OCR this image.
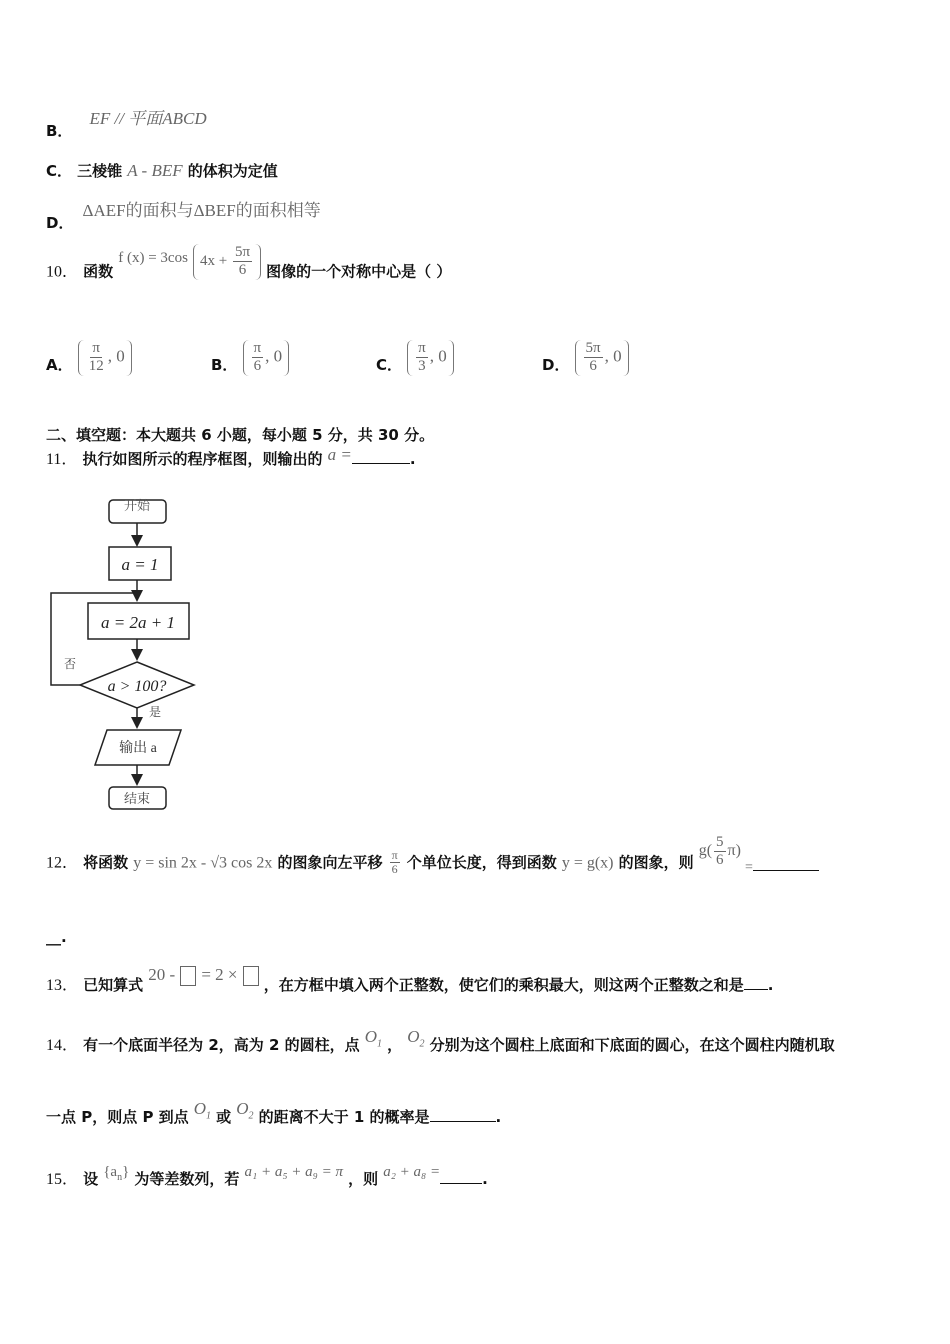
B． EF // 平面ABCD
C． 三棱锥 A - BEF 的体积为定值
D． ΔAEF的面积与ΔBEF的面积相等
10． 函数 f (x) = 3cos $4x + \frac{5\pi}{6}$ 图像的一个对称中心是（ ）
A． $\frac{\pi}{12}$ , 0	B． $\frac{\pi}{6}$ , 0	C． $\frac{\pi}{3}$ , 0	D． $\frac{5\pi}{6}$ , 0
二、填空题：本大题共 6 小题，每小题 5 分，共 30 分。
11． 执行如图所示的程序框图，则输出的 a =	.
开始
a = 1
a = 2a + 1
a > 100?
否
是
输出 a
结束
12． 将函数 y = sin 2x - √3 cos 2x 的图象向左平移 $\frac{\pi}{6}$ 个单位长度，得到函数 y = g(x) 的图象，则 $g( \frac{5}{6} \pi)$ =
__.
13． 已知算式 20 - = 2 ×  ，在方框中填入两个正整数，使它们的乘积最大，则这两个正整数之和是 .
14． 有一个底面半径为 2，高为 2 的圆柱，点 $O_1$ ， $O_2$ 分别为这个圆柱上底面和下底面的圆心，在这个圆柱内随机取
一点 P，则点 P 到点 $O_1$ 或 $O_2$ 的距离不大于 1 的概率是	.
15． 设 $\{a_n\}$ 为等差数列，若 a₁ + a₅ + a₉ = π ，则 a₂ + a₈ =	.
